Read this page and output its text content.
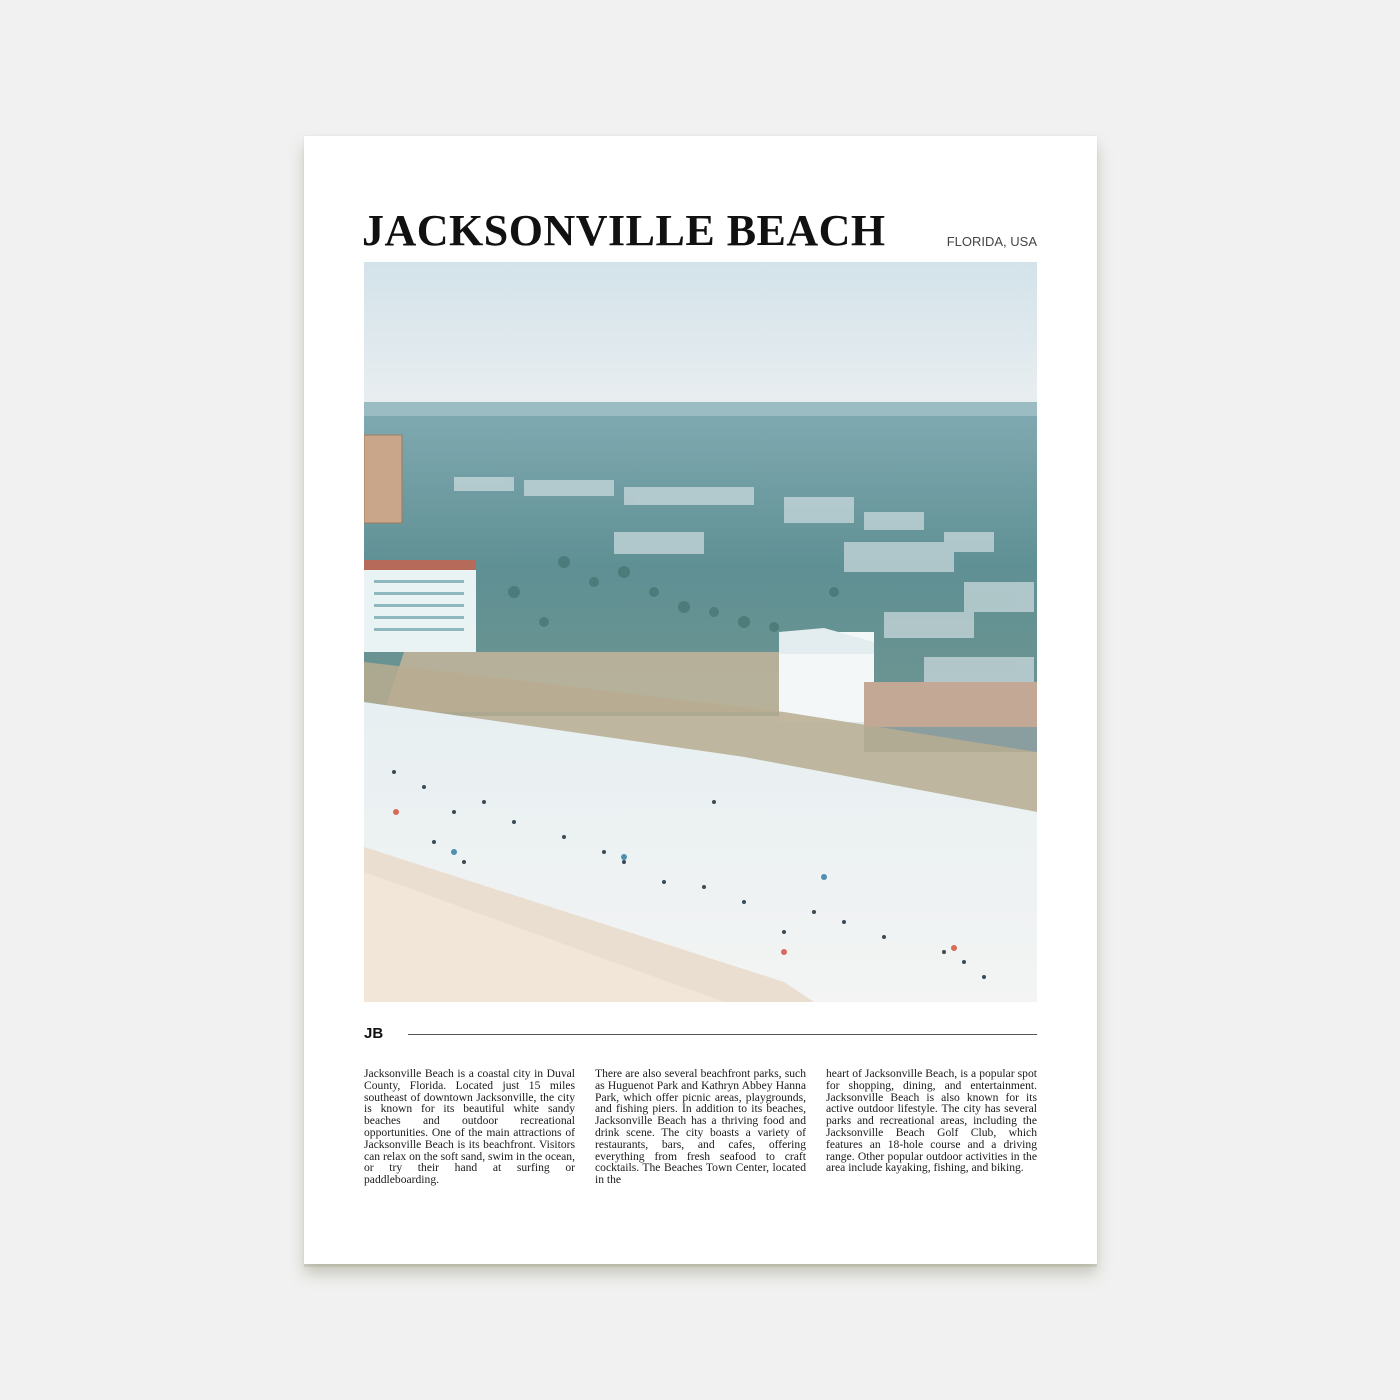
JACKSONVILLE BEACH	FLORIDA, USA
JB
Jacksonville Beach is a coastal city in Duval County, Florida. Located just 15 miles southeast of downtown Jacksonville, the city is known for its beautiful white sandy beaches and outdoor recreational opportunities. One of the main attractions of Jacksonville Beach is its beachfront. Visitors can relax on the soft sand, swim in the ocean, or try their hand at surfing or paddleboarding.
There are also several beachfront parks, such as Huguenot Park and Kathryn Abbey Hanna Park, which offer picnic areas, playgrounds, and fishing piers. In addition to its beaches, Jacksonville Beach has a thriving food and drink scene. The city boasts a variety of restaurants, bars, and cafes, offering everything from fresh seafood to craft cocktails. The Beaches Town Center, located in the
heart of Jacksonville Beach, is a popular spot for shopping, dining, and entertainment. Jacksonville Beach is also known for its active outdoor lifestyle. The city has several parks and recreational areas, including the Jacksonville Beach Golf Club, which features an 18-hole course and a driving range. Other popular outdoor activities in the area include kayaking, fishing, and biking.
